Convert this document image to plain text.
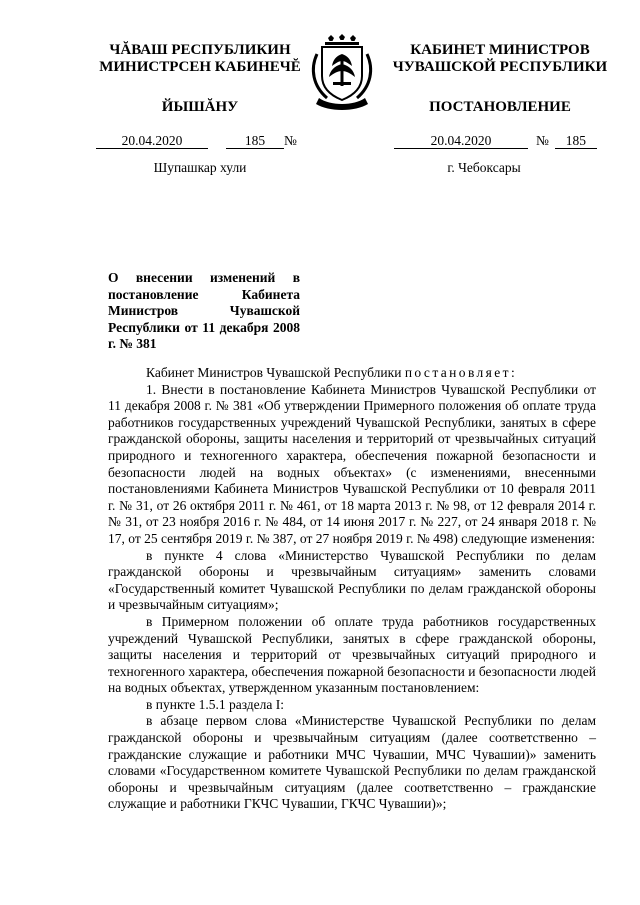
ЧĂВАШ РЕСПУБЛИКИН
МИНИСТРСЕН КАБИНЕЧĔ
ЙЫШĂНУ
КАБИНЕТ МИНИСТРОВ
ЧУВАШСКОЙ РЕСПУБЛИКИ
ПОСТАНОВЛЕНИЕ
20.04.2020	185 №	20.04.2020	№ 185
Шупашкар хули	г. Чебоксары
О внесении изменений в постановление Кабинета Министров Чувашской Республики от 11 декабря 2008 г. № 381

Кабинет Министров Чувашской Республики постановляет:

1. Внести в постановление Кабинета Министров Чувашской Республики от 11 декабря 2008 г. № 381 «Об утверждении Примерного положения об оплате труда работников государственных учреждений Чувашской Республики, занятых в сфере гражданской обороны, защиты населения и территорий от чрезвычайных ситуаций природного и техногенного характера, обеспечения пожарной безопасности и безопасности людей на водных объектах» (с изменениями, внесенными постановлениями Кабинета Министров Чувашской Республики от 10 февраля 2011 г. № 31, от 26 октября 2011 г. № 461, от 18 марта 2013 г. № 98, от 12 февраля 2014 г. № 31, от 23 ноября 2016 г. № 484, от 14 июня 2017 г. № 227, от 24 января 2018 г. № 17, от 25 сентября 2019 г. № 387, от 27 ноября 2019 г. № 498) следующие изменения:

в пункте 4 слова «Министерство Чувашской Республики по делам гражданской обороны и чрезвычайным ситуациям» заменить словами «Государственный комитет Чувашской Республики по делам гражданской обороны и чрезвычайным ситуациям»;

в Примерном положении об оплате труда работников государственных учреждений Чувашской Республики, занятых в сфере гражданской обороны, защиты населения и территорий от чрезвычайных ситуаций природного и техногенного характера, обеспечения пожарной безопасности и безопасности людей на водных объектах, утвержденном указанным постановлением:

в пункте 1.5.1 раздела I:

в абзаце первом слова «Министерстве Чувашской Республики по делам гражданской обороны и чрезвычайным ситуациям (далее соответственно – гражданские служащие и работники МЧС Чувашии, МЧС Чувашии)» заменить словами «Государственном комитете Чувашской Республики по делам гражданской обороны и чрезвычайным ситуациям (далее соответственно – гражданские служащие и работники ГКЧС Чувашии, ГКЧС Чувашии)»;
